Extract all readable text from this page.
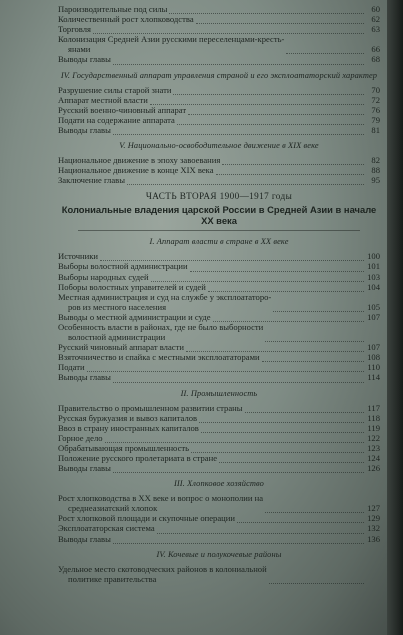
Пароизводительные под силы	60
Количественный рост хлопководства	62
Торговля	63
Колонизация Средней Азии русскими переселенцами-кресть-
янами	66
Выводы главы	68
IV. Государственный аппарат управления страной и его эксплоататорский характер
Разрушение силы старой знати	70
Аппарат местной власти	72
Русский военно-чиновный аппарат	76
Подати на содержание аппарата	79
Выводы главы	81
V. Национально-освободительное движение в XIX веке
Национальное движение в эпоху завоевания	82
Национальное движение в конце XIX века	88
Заключение главы	95
ЧАСТЬ ВТОРАЯ 1900—1917 годы
Колониальные владения царской России в Средней Азии в начале XX века
I. Аппарат власти в стране в XX веке
Источники	100
Выборы волостной администрации	101
Выборы народных судей	103
Поборы волостных управителей и судей	104
Местная администрация и суд на службе у эксплоататоро-
ров из местного населения	105
Выводы о местной администрации и суде	107
Особенность власти в районах, где не было выборности
волостной администрации
Русский чиновный аппарат власти	107
Взяточничество и спайка с местными эксплоататорами	108
Подати	110
Выводы главы	114
II. Промышленность
Правительство о промышленном развитии страны	117
Русская буржуазия и вывоз капиталов	118
Ввоз в страну иностранных капиталов	119
Горное дело	122
Обрабатывающая промышленность	123
Положение русского пролетариата в стране	124
Выводы главы	126
III. Хлопковое хозяйство
Рост хлопководства в XX веке и вопрос о монополии на
среднеазиатский хлопок	127
Рост хлопковой площади и скупочные операции	129
Эксплоататорская система	132
Выводы главы	136
IV. Кочевые и полукочевые районы
Удельное место скотоводческих районов в колониальной
политике правительства
